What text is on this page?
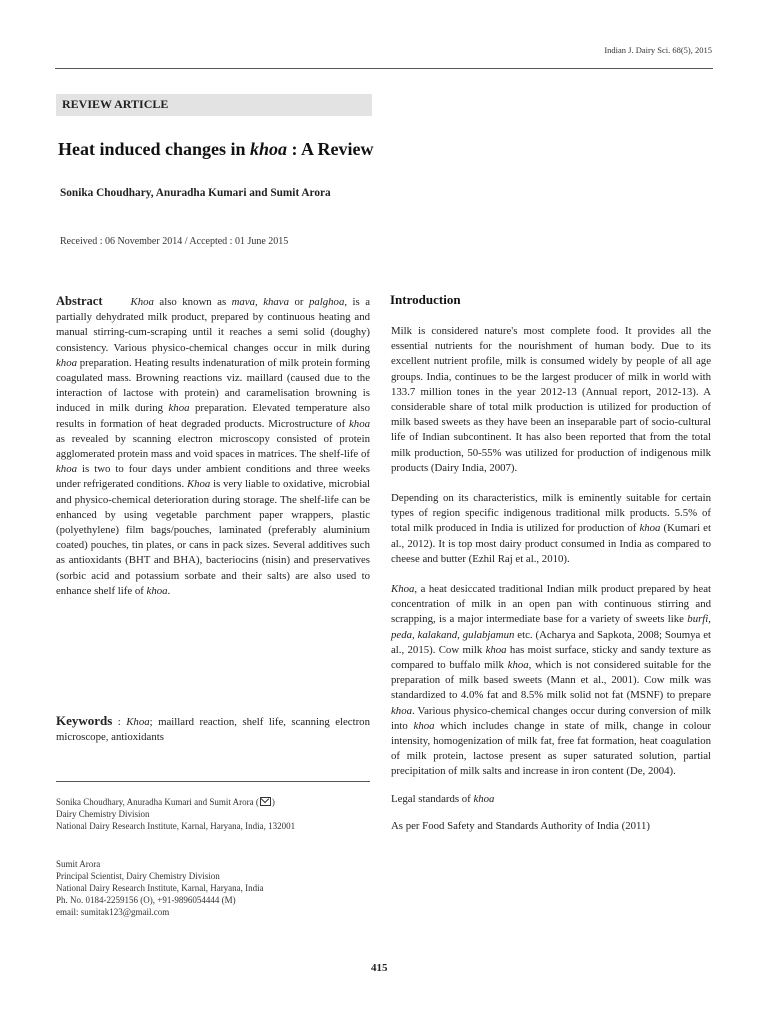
Indian J. Dairy Sci. 68(5), 2015
REVIEW ARTICLE
Heat induced changes in khoa : A Review
Sonika Choudhary, Anuradha Kumari and Sumit Arora
Received : 06 November 2014 / Accepted : 01 June 2015
Abstract	Khoa also known as mava, khava or palghoa, is a partially dehydrated milk product, prepared by continuous heating and manual stirring-cum-scraping until it reaches a semi solid (doughy) consistency. Various physico-chemical changes occur in milk during khoa preparation. Heating results indenaturation of milk protein forming coagulated mass. Browning reactions viz. maillard (caused due to the interaction of lactose with protein) and caramelisation browning is induced in milk during khoa preparation. Elevated temperature also results in formation of heat degraded products. Microstructure of khoa as revealed by scanning electron microscopy consisted of protein agglomerated protein mass and void spaces in matrices. The shelf-life of khoa is two to four days under ambient conditions and three weeks under refrigerated conditions. Khoa is very liable to oxidative, microbial and physico-chemical deterioration during storage. The shelf-life can be enhanced by using vegetable parchment paper wrappers, plastic (polyethylene) film bags/pouches, laminated (preferably aluminium coated) pouches, tin plates, or cans in pack sizes. Several additives such as antioxidants (BHT and BHA), bacteriocins (nisin) and preservatives (sorbic acid and potassium sorbate and their salts) are also used to enhance shelf life of khoa.
Keywords : Khoa; maillard reaction, shelf life, scanning electron microscope, antioxidants
Sonika Choudhary, Anuradha Kumari and Sumit Arora ( )
Dairy Chemistry Division
National Dairy Research Institute, Karnal, Haryana, India, 132001
Sumit Arora
Principal Scientist, Dairy Chemistry Division
National Dairy Research Institute, Karnal, Haryana, India
Ph. No. 0184-2259156 (O), +91-9896054444 (M)
email: sumitak123@gmail.com
Introduction

Milk is considered nature's most complete food. It provides all the essential nutrients for the nourishment of human body. Due to its excellent nutrient profile, milk is consumed widely by people of all age groups. India, continues to be the largest producer of milk in world with 133.7 million tones in the year 2012-13 (Annual report, 2012-13). A considerable share of total milk production is utilized for production of milk based sweets as they have been an inseparable part of socio-cultural life of Indian subcontinent. It has also been reported that from the total milk production, 50-55% was utilized for production of indigenous milk products (Dairy India, 2007).

Depending on its characteristics, milk is eminently suitable for certain types of region specific indigenous traditional milk products. 5.5% of total milk produced in India is utilized for production of khoa (Kumari et al., 2012). It is top most dairy product consumed in India as compared to cheese and butter (Ezhil Raj et al., 2010).

Khoa, a heat desiccated traditional Indian milk product prepared by heat concentration of milk in an open pan with continuous stirring and scrapping, is a major intermediate base for a variety of sweets like burfi, peda, kalakand, gulabjamun etc. (Acharya and Sapkota, 2008; Soumya et al., 2015). Cow milk khoa has moist surface, sticky and sandy texture as compared to buffalo milk khoa, which is not considered suitable for the preparation of milk based sweets (Mann et al., 2001). Cow milk was standardized to 4.0% fat and 8.5% milk solid not fat (MSNF) to prepare khoa. Various physico-chemical changes occur during conversion of milk into khoa which includes change in state of milk, change in colour intensity, homogenization of milk fat, free fat formation, heat coagulation of milk protein, lactose present as super saturated solution, partial precipitation of milk salts and increase in iron content (De, 2004).

Legal standards of khoa

As per Food Safety and Standards Authority of India (2011)

415
